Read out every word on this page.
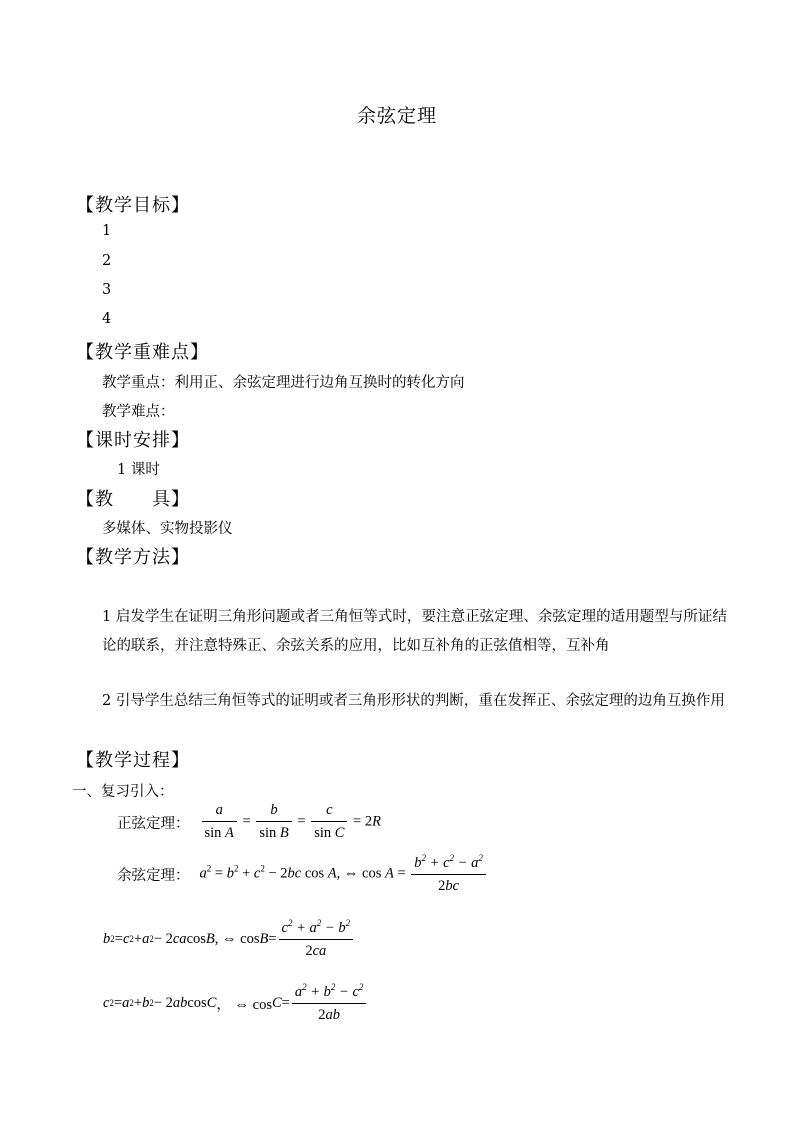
余弦定理
【教学目标】
1
2
3
4
【教学重难点】
教学重点：利用正、余弦定理进行边角互换时的转化方向
教学难点：
【课时安排】
1 课时
【教　　具】
多媒体、实物投影仪
【教学方法】
1 启发学生在证明三角形问题或者三角恒等式时，要注意正弦定理、余弦定理的适用题型与所证结论的联系，并注意特殊正、余弦关系的应用，比如互补角的正弦值相等，互补角
2 引导学生总结三角恒等式的证明或者三角形形状的判断，重在发挥正、余弦定理的边角互换作用
【教学过程】
一、复习引入：
正弦定理： $\frac{a}{\text{sin A}} = \frac{b}{\text{sin B}} = \frac{c}{\text{sin C}} = 2R$
余弦定理： $a^2 = b^2 + c^2 - 2bc$ cos A, ⇔ $\cos A = \frac{b^2 + c^2 - a^2}{2bc}$
b 2 = c 2 + a 2 − 2 ca cos B , ⇔ $\cos B = \frac{c^2 + a^2 - b^2}{2ca}$
c 2 = a 2 + b 2 − 2 ab cos C ， ⇔ $\cos C = \frac{a^2 + b^2 - c^2}{2ab}$
